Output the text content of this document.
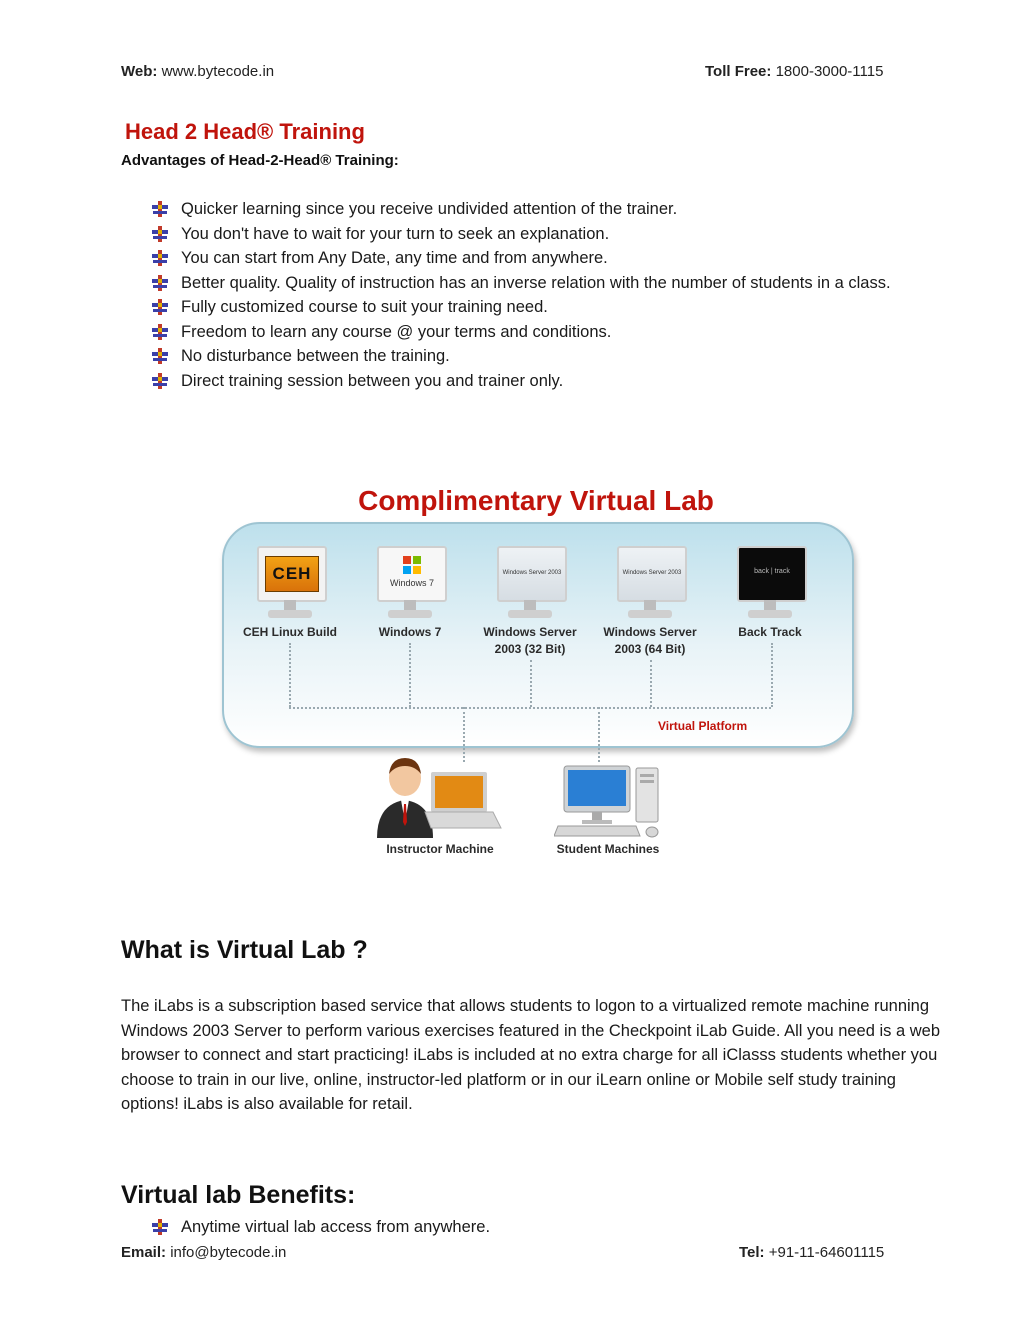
Web: www.bytecode.in	Toll Free: 1800-3000-1115
Head 2 Head® Training
Advantages of Head-2-Head® Training:
Quicker learning since you receive undivided attention of the trainer.
You don't have to wait for your turn to seek an explanation.
You can start from Any Date, any time and from anywhere.
Better quality. Quality of instruction has an inverse relation with the number of students in a class.
Fully customized course to suit your training need.
Freedom to learn any course @ your terms and conditions.
No disturbance between the training.
Direct training session between you and trainer only.
Complimentary Virtual Lab
CEH	Windows 7
Windows Server 2003	Windows Server 2003	back | track
CEH Linux Build	Windows 7	Windows Server 2003 (32 Bit)
Windows Server 2003 (64 Bit)
Back Track
Virtual Platform
Instructor Machine	Student Machines
What is Virtual Lab ?
The iLabs is a subscription based service that allows students to logon to a virtualized remote machine running Windows 2003 Server to perform various exercises featured in the Checkpoint iLab Guide. All you need is a web browser to connect and start practicing! iLabs is included at no extra charge for all iClasss students whether you choose to train in our live, online, instructor-led platform or in our iLearn online or Mobile self study training options! iLabs is also available for retail.
Virtual lab Benefits:
Anytime virtual lab access from anywhere.
Email: info@bytecode.in	Tel: +91-11-64601115
